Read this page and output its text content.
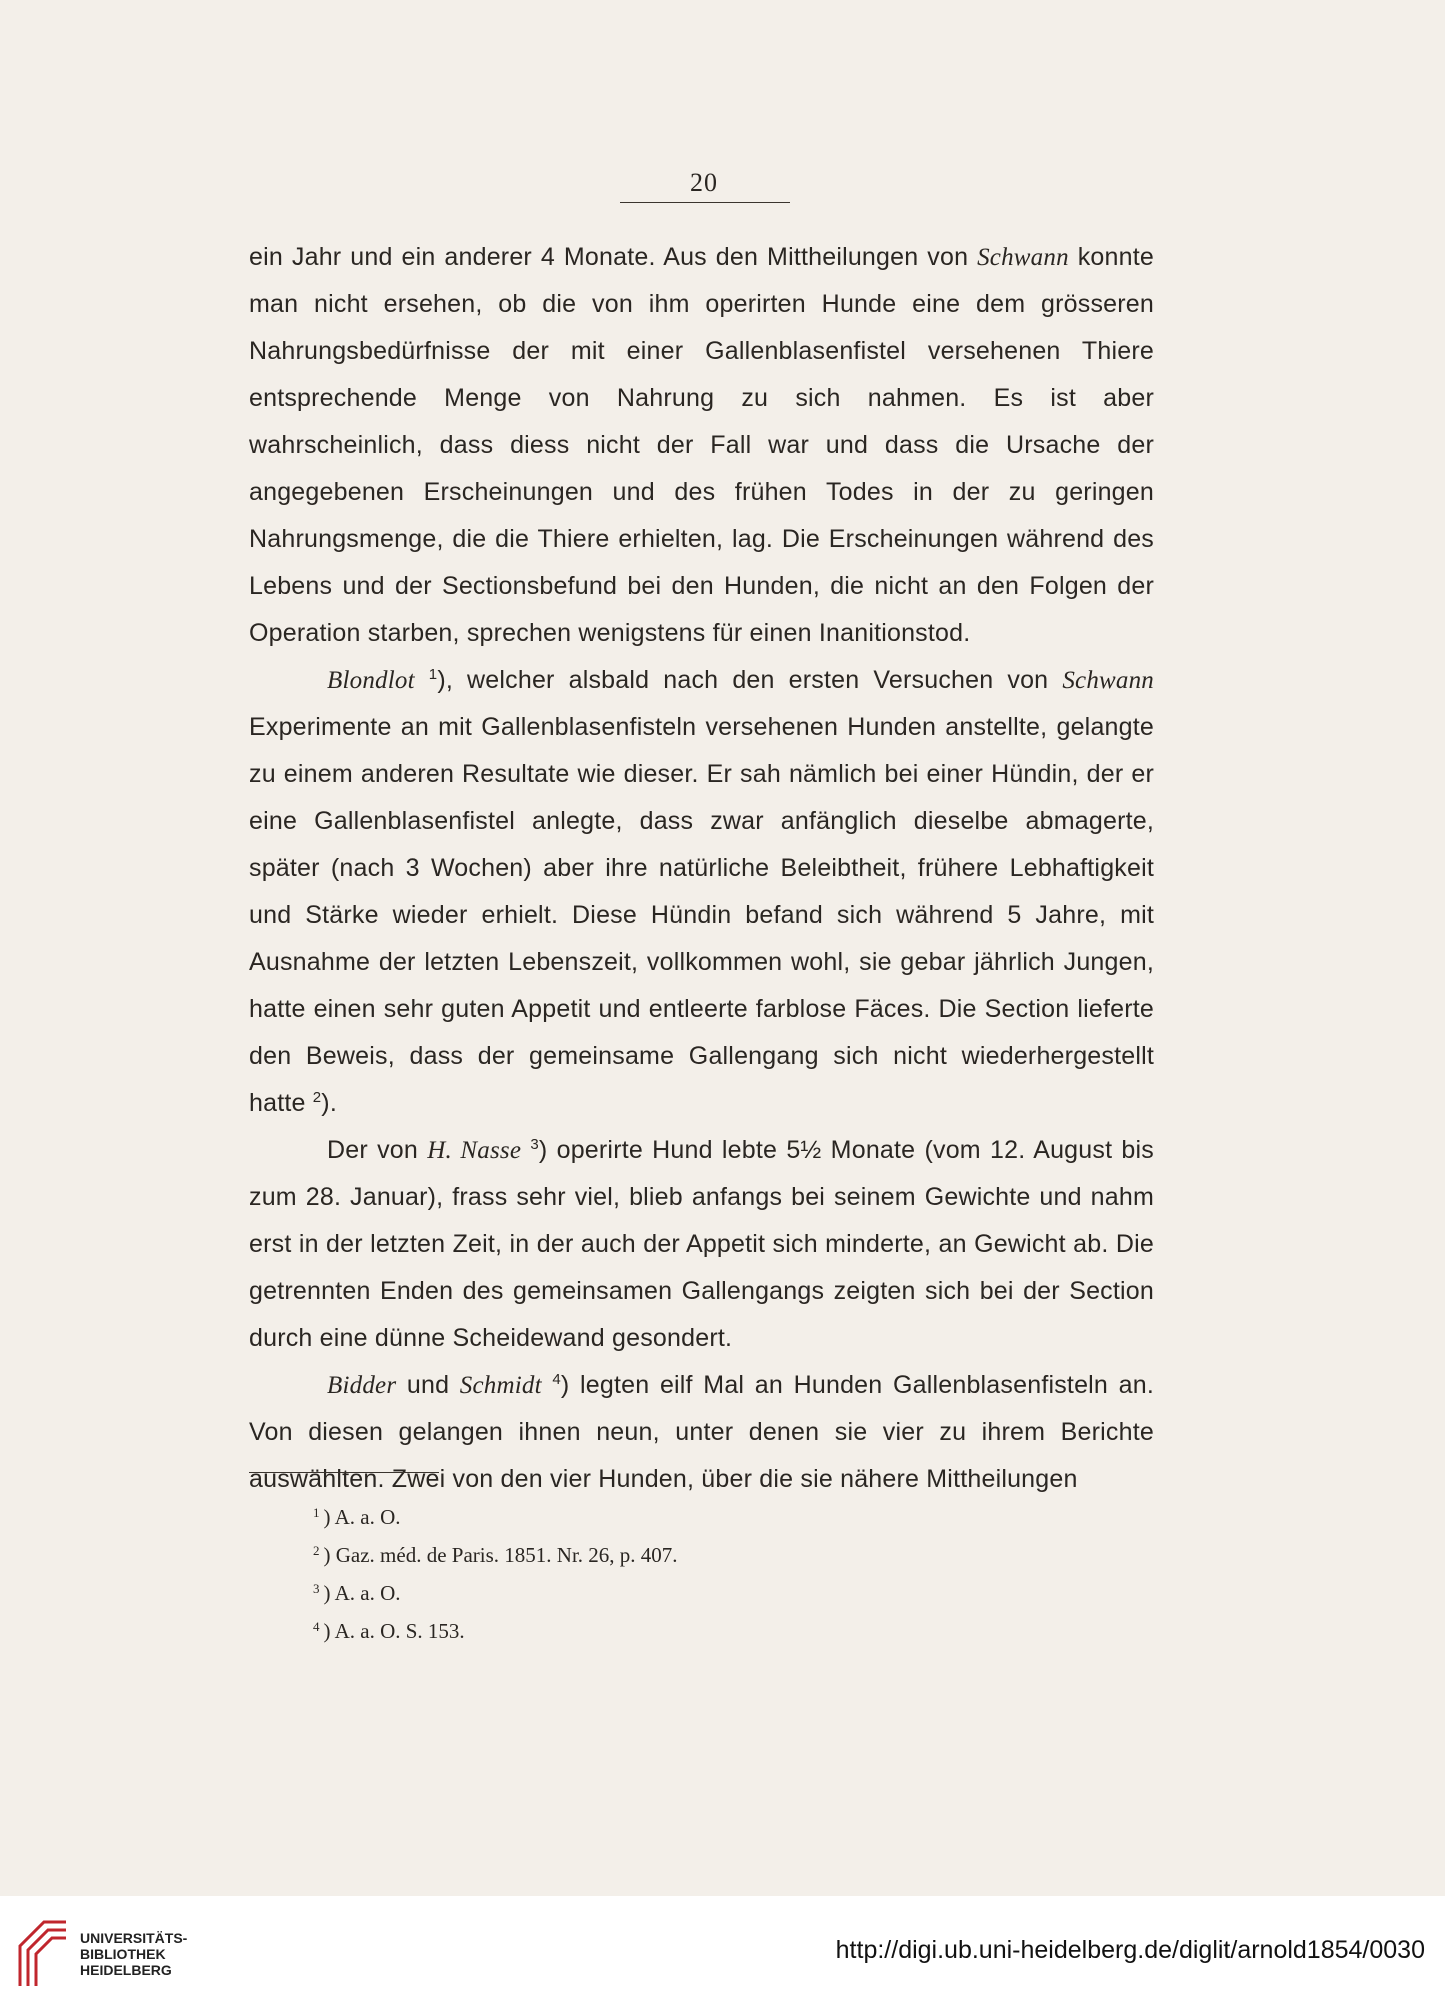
20

ein Jahr und ein anderer 4 Monate. Aus den Mittheilungen von Schwann konnte man nicht ersehen, ob die von ihm operirten Hunde eine dem grösseren Nahrungsbedürfnisse der mit einer Gallenblasenfistel versehenen Thiere entsprechende Menge von Nahrung zu sich nahmen. Es ist aber wahrscheinlich, dass diess nicht der Fall war und dass die Ursache der angegebenen Erscheinungen und des frühen Todes in der zu geringen Nahrungsmenge, die die Thiere erhielten, lag. Die Erscheinungen während des Lebens und der Sectionsbefund bei den Hunden, die nicht an den Folgen der Operation starben, sprechen wenigstens für einen Inanitionstod.

Blondlot $^1$), welcher alsbald nach den ersten Versuchen von Schwann Experimente an mit Gallenblasenfisteln versehenen Hunden anstellte, gelangte zu einem anderen Resultate wie dieser. Er sah nämlich bei einer Hündin, der er eine Gallenblasenfistel anlegte, dass zwar anfänglich dieselbe abmagerte, später (nach 3 Wochen) aber ihre natürliche Beleibtheit, frühere Lebhaftigkeit und Stärke wieder erhielt. Diese Hündin befand sich während 5 Jahre, mit Ausnahme der letzten Lebenszeit, vollkommen wohl, sie gebar jährlich Jungen, hatte einen sehr guten Appetit und entleerte farblose Fäces. Die Section lieferte den Beweis, dass der gemeinsame Gallengang sich nicht wiederhergestellt hatte $^2$).

Der von H. Nasse $^3$) operirte Hund lebte 5½ Monate (vom 12. August bis zum 28. Januar), frass sehr viel, blieb anfangs bei seinem Gewichte und nahm erst in der letzten Zeit, in der auch der Appetit sich minderte, an Gewicht ab. Die getrennten Enden des gemeinsamen Gallengangs zeigten sich bei der Section durch eine dünne Scheidewand gesondert.

Bidder und Schmidt $^4$) legten eilf Mal an Hunden Gallenblasenfisteln an. Von diesen gelangen ihnen neun, unter denen sie vier zu ihrem Berichte auswählten. Zwei von den vier Hunden, über die sie nähere Mittheilungen

$^1$ ) A. a. O.
$^2$ ) Gaz. méd. de Paris. 1851. Nr. 26, p. 407.
$^3$ ) A. a. O.
$^4$ ) A. a. O. S. 153.
UNIVERSITÄTS-
BIBLIOTHEK
HEIDELBERG
http://digi.ub.uni-heidelberg.de/diglit/arnold1854/0030
